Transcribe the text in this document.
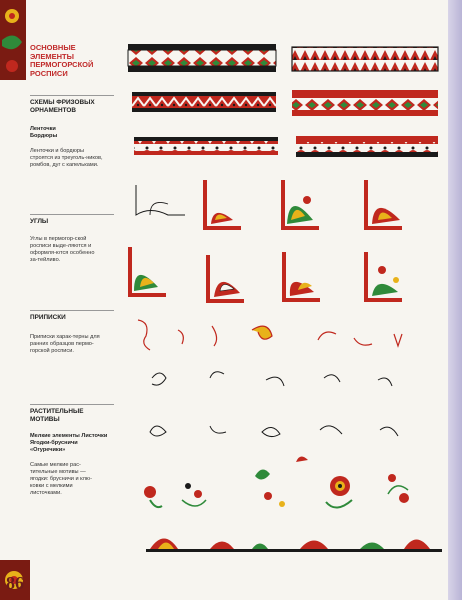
86
ОСНОВНЫЕ ЭЛЕМЕНТЫ ПЕРМОГОРСКОЙ РОСПИСИ
СХЕМЫ ФРИЗОВЫХ ОРНАМЕНТОВ
Ленточки Бордюры
Ленточки и бордюры строятся из треуголь-ников, ромбов, дуг с капельками.
УГЛЫ
Углы в пермогор-ской росписи выде-ляются и оформля-ются особенно за-тейливо.
ПРИПИСКИ
Приписки харак-терны для ранних образцов пермо-горской росписи.
РАСТИТЕЛЬНЫЕ МОТИВЫ
Мелкие элементы Листочки Ягодки-брусничи «Огуречики»
Самые мелкие рас-тительные мотивы — ягодки: брусничи и клю-ковки с мелкими листочками.
